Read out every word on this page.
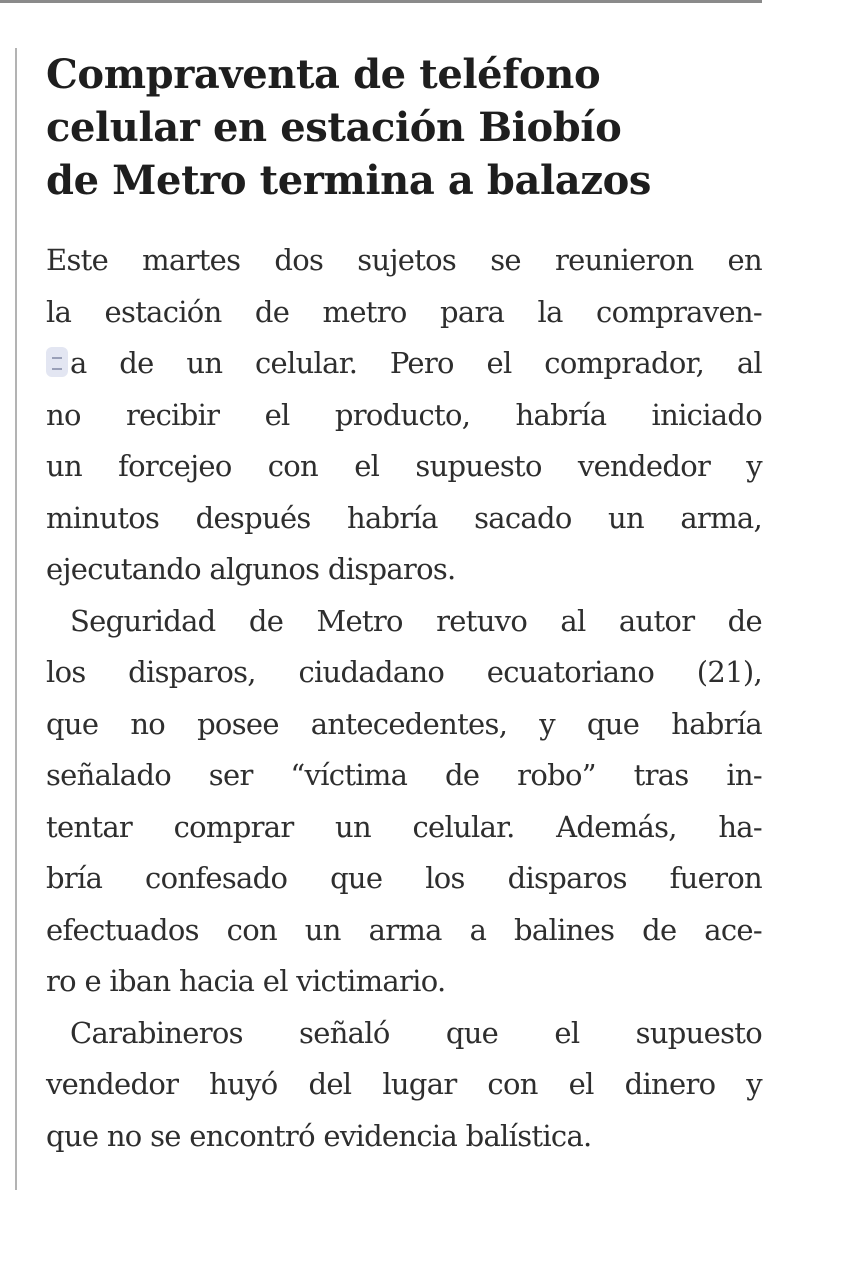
Compraventa de teléfono
celular en estación Biobío
de Metro termina a balazos
Este martes dos sujetos se reunieron en
la estación de metro para la compraven-
a de un celular. Pero el comprador, al
no recibir el producto, habría iniciado
un forcejeo con el supuesto vendedor y
minutos después habría sacado un arma,
ejecutando algunos disparos.
Seguridad de Metro retuvo al autor de
los disparos, ciudadano ecuatoriano (21),
que no posee antecedentes, y que habría
señalado ser “víctima de robo” tras in-
tentar comprar un celular. Además, ha-
bría confesado que los disparos fueron
efectuados con un arma a balines de ace-
ro e iban hacia el victimario.
Carabineros señaló que el supuesto
vendedor huyó del lugar con el dinero y
que no se encontró evidencia balística.
